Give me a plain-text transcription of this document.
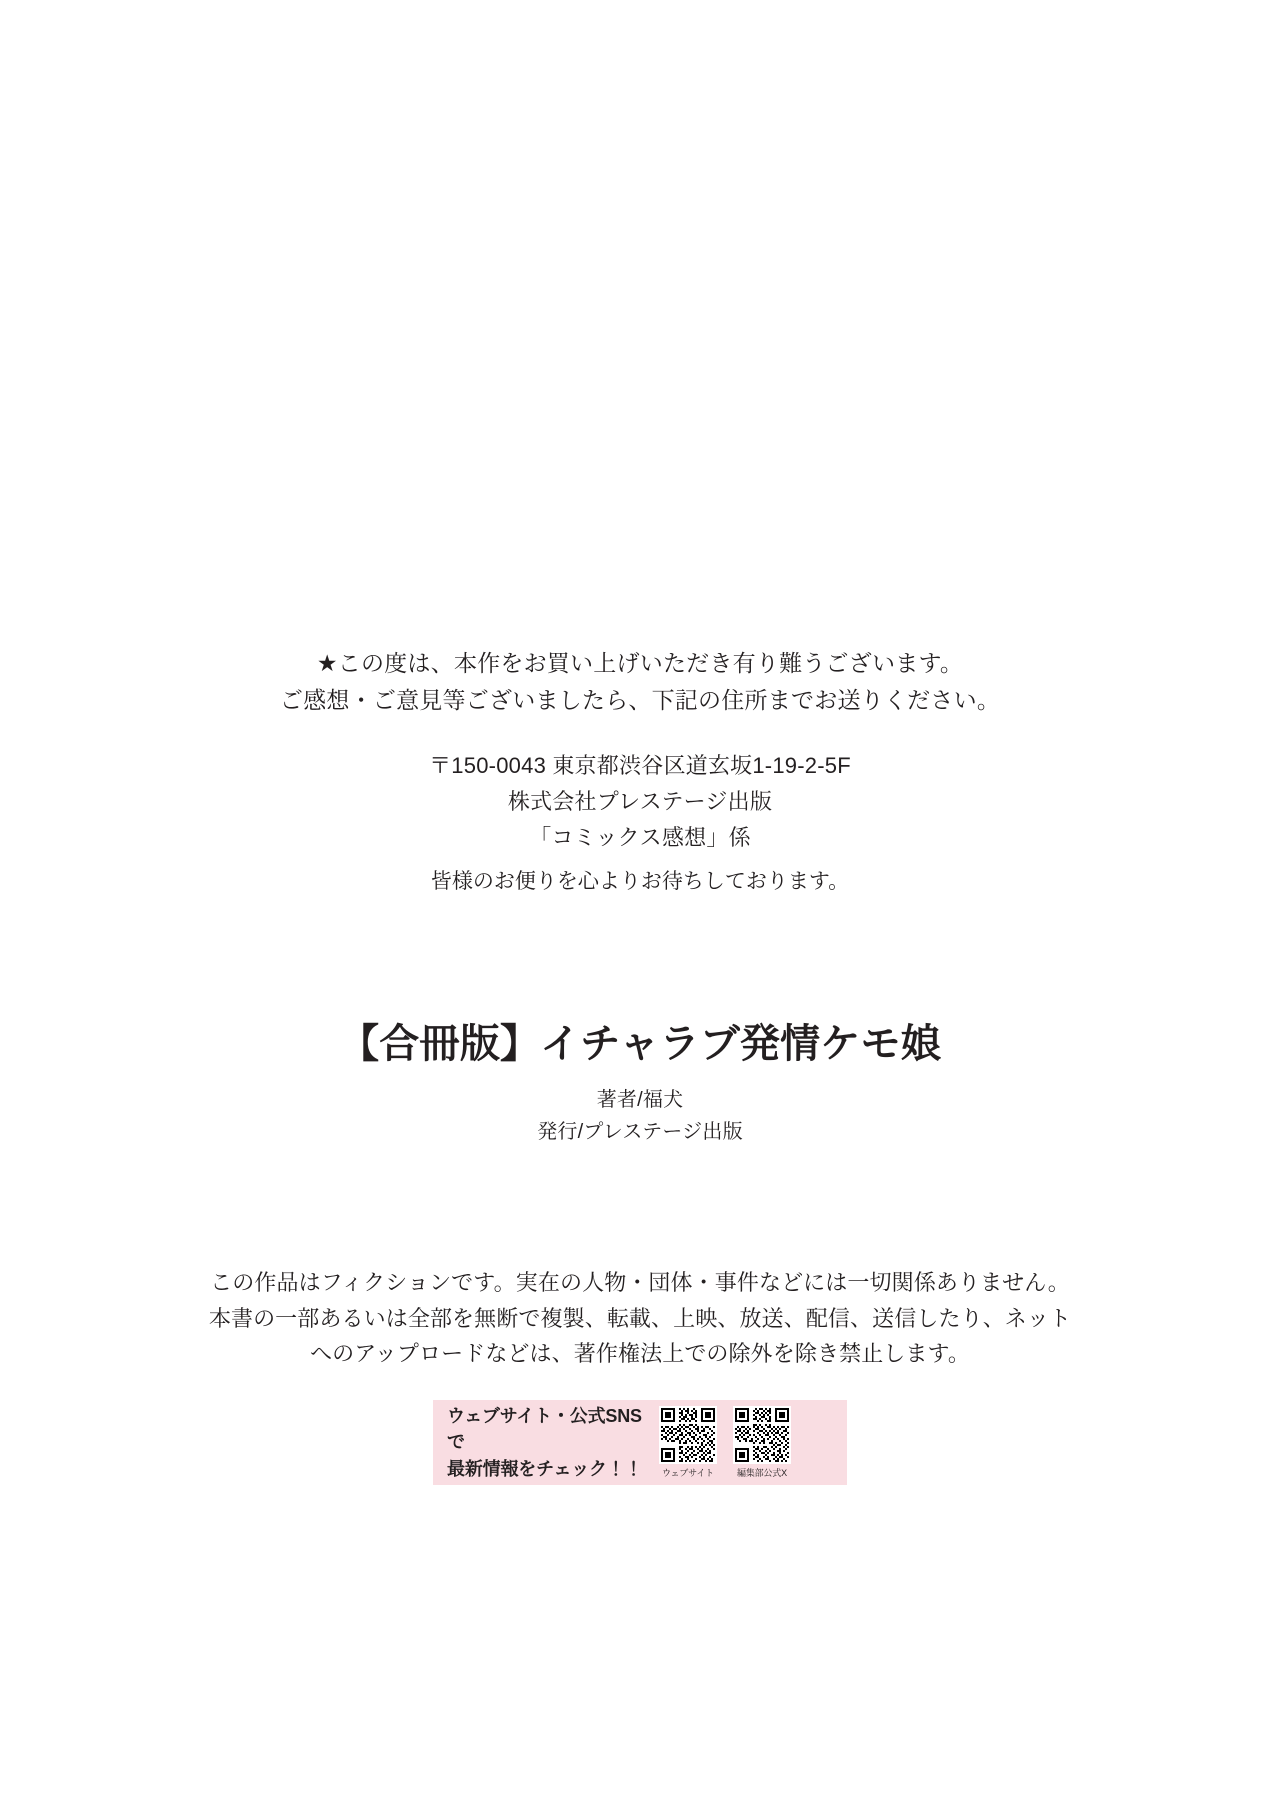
★この度は、本作をお買い上げいただき有り難うございます。
ご感想・ご意見等ございましたら、下記の住所までお送りください。
〒150-0043 東京都渋谷区道玄坂1-19-2-5F
株式会社プレステージ出版
「コミックス感想」係
皆様のお便りを心よりお待ちしております。
【合冊版】イチャラブ発情ケモ娘
著者/福犬
発行/プレステージ出版
この作品はフィクションです。実在の人物・団体・事件などには一切関係ありません。
本書の一部あるいは全部を無断で複製、転載、上映、放送、配信、送信したり、ネット
へのアップロードなどは、著作権法上での除外を除き禁止します。
ウェブサイト・公式SNSで
最新情報をチェック！！	ウェブサイト	編集部公式X
